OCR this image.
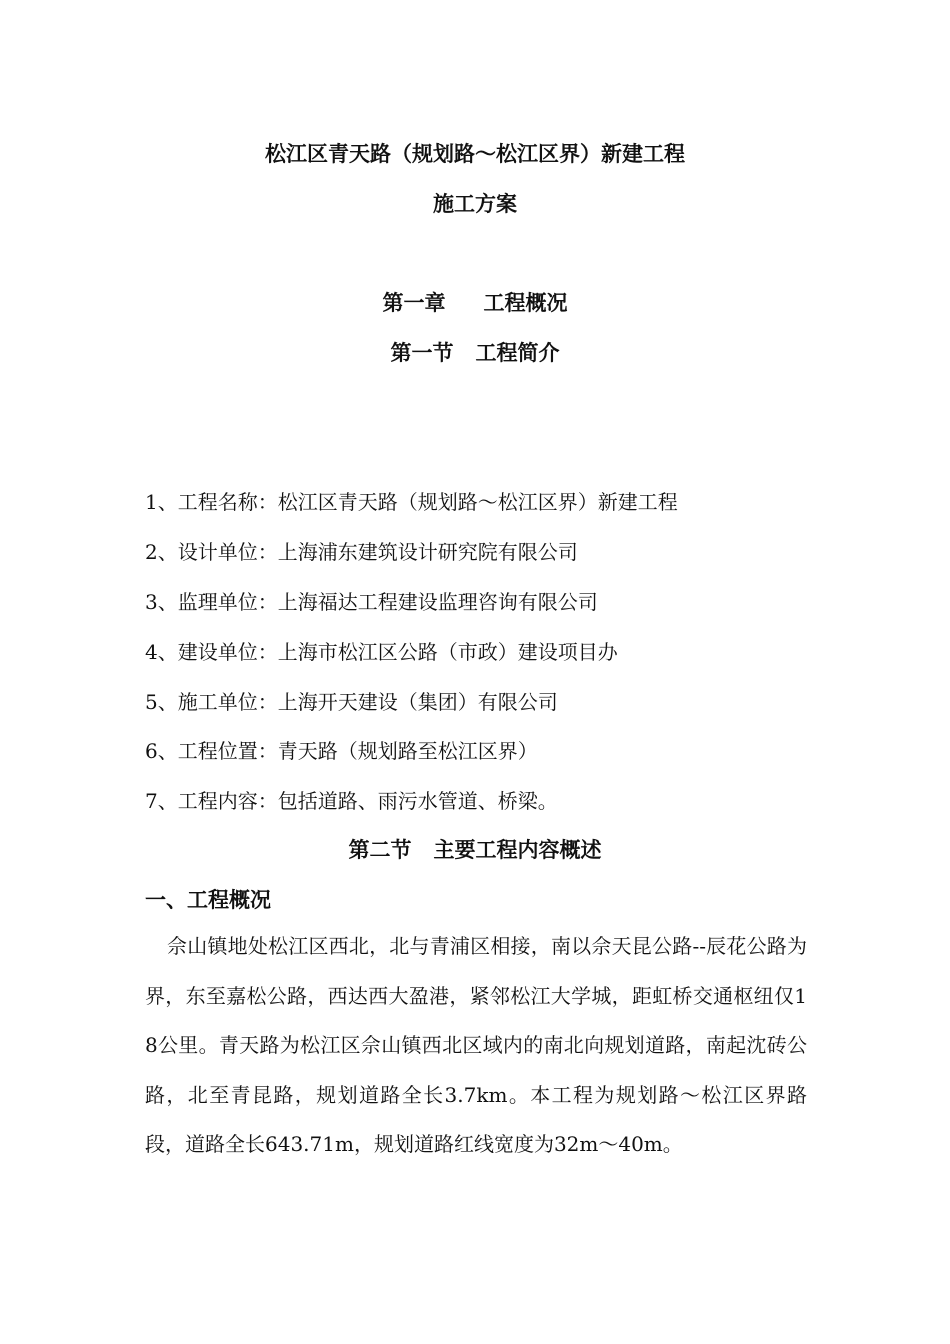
松江区青天路（规划路～松江区界）新建工程
施工方案
第一章 工程概况
第一节 工程简介
1、工程名称：松江区青天路（规划路～松江区界）新建工程
2、设计单位：上海浦东建筑设计研究院有限公司
3、监理单位：上海福达工程建设监理咨询有限公司
4、建设单位：上海市松江区公路（市政）建设项目办
5、施工单位：上海开天建设（集团）有限公司
6、工程位置：青天路（规划路至松江区界）
7、工程内容：包括道路、雨污水管道、桥梁。
第二节 主要工程内容概述
一、工程概况
佘山镇地处松江区西北，北与青浦区相接，南以佘天昆公路--辰花公路为界，东至嘉松公路，西达西大盈港，紧邻松江大学城，距虹桥交通枢纽仅18公里。青天路为松江区佘山镇西北区域内的南北向规划道路，南起沈砖公路，北至青昆路，规划道路全长3.7km。本工程为规划路～松江区界路段，道路全长643.71m，规划道路红线宽度为32m～40m。
